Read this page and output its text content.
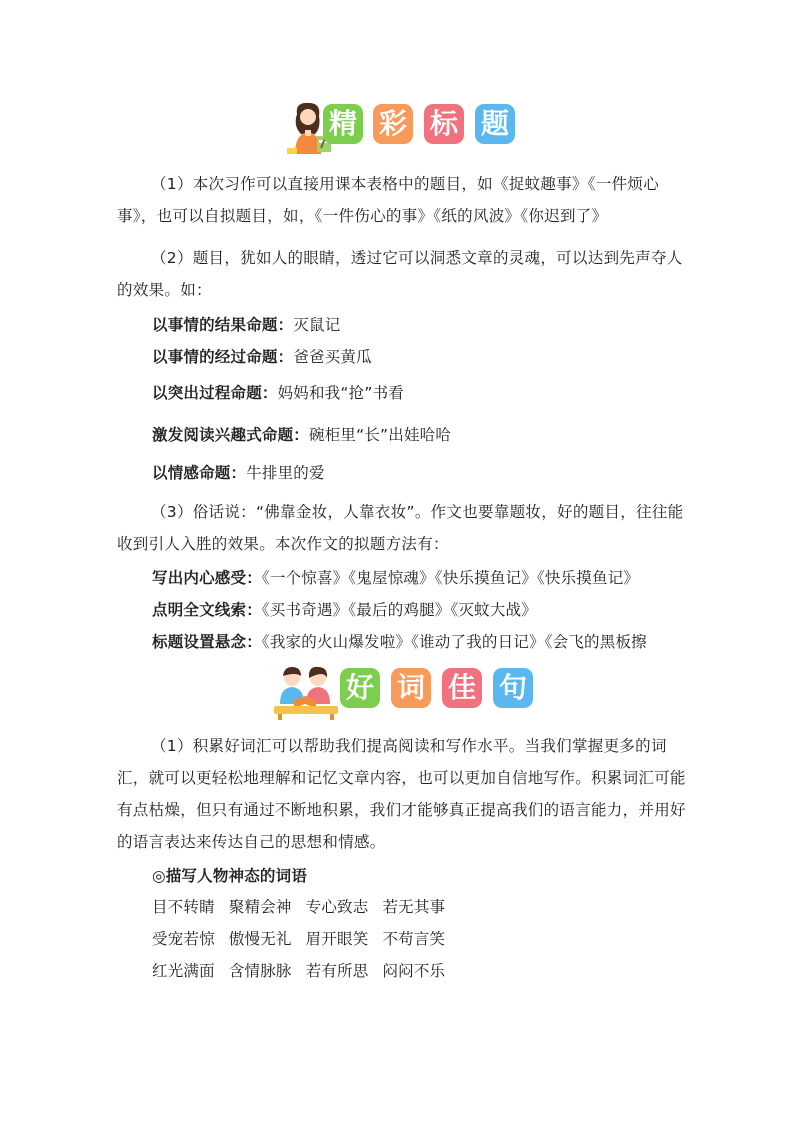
精 彩 标 题
（1）本次习作可以直接用课本表格中的题目，如《捉蚊趣事》《一件烦心事》，也可以自拟题目，如，《一件伤心的事》《纸的风波》《你迟到了》
（2）题目，犹如人的眼睛，透过它可以洞悉文章的灵魂，可以达到先声夺人的效果。如：
以事情的结果命题：灭鼠记
以事情的经过命题：爸爸买黄瓜
以突出过程命题：妈妈和我“抢”书看
激发阅读兴趣式命题：碗柜里“长”出娃哈哈
以情感命题：牛排里的爱
（3）俗话说：“佛靠金妆，人靠衣妆”。作文也要靠题妆，好的题目，往往能收到引人入胜的效果。本次作文的拟题方法有：
写出内心感受：《一个惊喜》《鬼屋惊魂》《快乐摸鱼记》《快乐摸鱼记》
点明全文线索：《买书奇遇》《最后的鸡腿》《灭蚊大战》
标题设置悬念：《我家的火山爆发啦》《谁动了我的日记》《会飞的黑板擦
好 词 佳 句
（1）积累好词汇可以帮助我们提高阅读和写作水平。当我们掌握更多的词汇，就可以更轻松地理解和记忆文章内容，也可以更加自信地写作。积累词汇可能有点枯燥，但只有通过不断地积累，我们才能够真正提高我们的语言能力，并用好的语言表达来传达自己的思想和情感。
◎描写人物神态的词语
目不转睛 聚精会神 专心致志 若无其事
受宠若惊 傲慢无礼 眉开眼笑 不苟言笑
红光满面 含情脉脉 若有所思 闷闷不乐
